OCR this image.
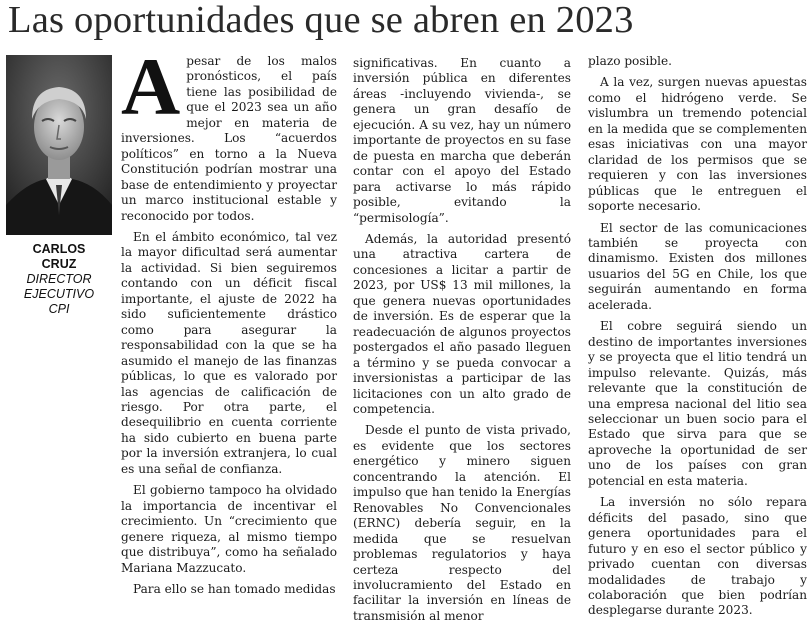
Las oportunidades que se abren en 2023
CARLOS
CRUZ
DIRECTOR
EJECUTIVO
CPI

Apesar de los malos pronósticos, el país tiene las posibilidad de que el 2023 sea un año mejor en materia de inversiones. Los “acuerdos políticos” en torno a la Nueva Constitución podrían mostrar una base de entendimiento y proyectar un marco institucional estable y reconocido por todos.

En el ámbito económico, tal vez la mayor dificultad será aumentar la actividad. Si bien seguiremos contando con un déficit fiscal importante, el ajuste de 2022 ha sido suficientemente drástico como para asegurar la responsabilidad con la que se ha asumido el manejo de las finanzas públicas, lo que es valorado por las agencias de calificación de riesgo. Por otra parte, el desequilibrio en cuenta corriente ha sido cubierto en buena parte por la inversión extranjera, lo cual es una señal de confianza.

El gobierno tampoco ha olvidado la importancia de incentivar el crecimiento. Un “crecimiento que genere riqueza, al mismo tiempo que distribuya”, como ha señalado Mariana Mazzucato.

Para ello se han tomado medidas

significativas. En cuanto a inversión pública en diferentes áreas -incluyendo vivienda-, se genera un gran desafío de ejecución. A su vez, hay un número importante de proyectos en su fase de puesta en marcha que deberán contar con el apoyo del Estado para activarse lo más rápido posible, evitando la “permisología”.

Además, la autoridad presentó una atractiva cartera de concesiones a licitar a partir de 2023, por US$ 13 mil millones, la que genera nuevas oportunidades de inversión. Es de esperar que la readecuación de algunos proyectos postergados el año pasado lleguen a término y se pueda convocar a inversionistas a participar de las licitaciones con un alto grado de competencia.

Desde el punto de vista privado, es evidente que los sectores energético y minero siguen concentrando la atención. El impulso que han tenido la Energías Renovables No Convencionales (ERNC) debería seguir, en la medida que se resuelvan problemas regulatorios y haya certeza respecto del involucramiento del Estado en facilitar la inversión en líneas de transmisión al menor

plazo posible.

A la vez, surgen nuevas apuestas como el hidrógeno verde. Se vislumbra un tremendo potencial en la medida que se complementen esas iniciativas con una mayor claridad de los permisos que se requieren y con las inversiones públicas que le entreguen el soporte necesario.

El sector de las comunicaciones también se proyecta con dinamismo. Existen dos millones usuarios del 5G en Chile, los que seguirán aumentando en forma acelerada.

El cobre seguirá siendo un destino de importantes inversiones y se proyecta que el litio tendrá un impulso relevante. Quizás, más relevante que la constitución de una empresa nacional del litio sea seleccionar un buen socio para el Estado que sirva para que se aproveche la oportunidad de ser uno de los países con gran potencial en esta materia.

La inversión no sólo repara déficits del pasado, sino que genera oportunidades para el futuro y en eso el sector público y privado cuentan con diversas modalidades de trabajo y colaboración que bien podrían desplegarse durante 2023.
